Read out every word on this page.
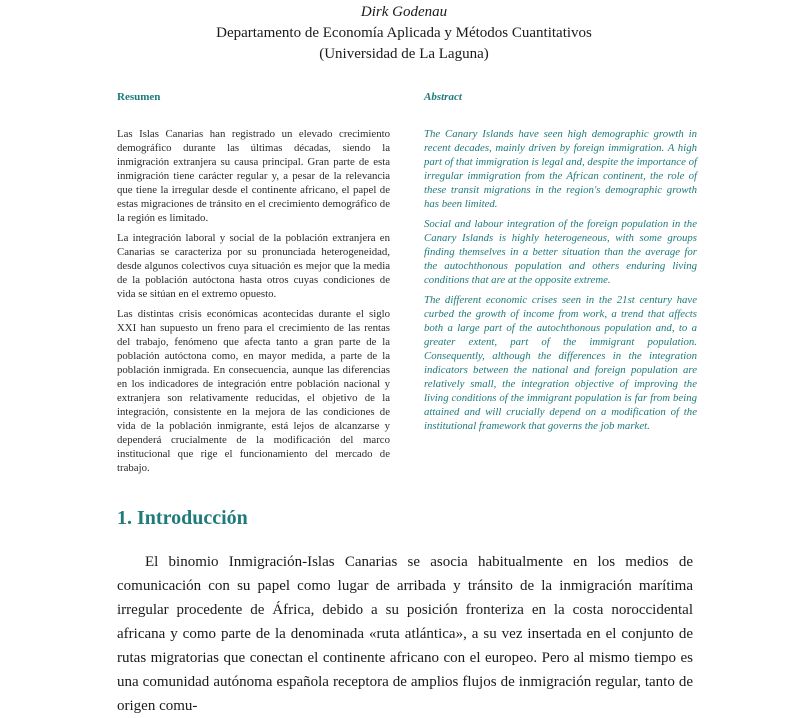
Dirk Godenau
Departamento de Economía Aplicada y Métodos Cuantitativos
(Universidad de La Laguna)
Resumen	Abstract

Las Islas Canarias han registrado un elevado crecimiento demográfico durante las últimas décadas, siendo la inmigración extranjera su causa principal. Gran parte de esta inmigración tiene carácter regular y, a pesar de la relevancia que tiene la irregular desde el continente africano, el papel de estas migraciones de tránsito en el crecimiento demográfico de la región es limitado.

La integración laboral y social de la población extranjera en Canarias se caracteriza por su pronunciada heterogeneidad, desde algunos colectivos cuya situación es mejor que la media de la población autóctona hasta otros cuyas condiciones de vida se sitúan en el extremo opuesto.

Las distintas crisis económicas acontecidas durante el siglo XXI han supuesto un freno para el crecimiento de las rentas del trabajo, fenómeno que afecta tanto a gran parte de la población autóctona como, en mayor medida, a parte de la población inmigrada. En consecuencia, aunque las diferencias en los indicadores de integración entre población nacional y extranjera son relativamente reducidas, el objetivo de la integración, consistente en la mejora de las condiciones de vida de la población inmigrante, está lejos de alcanzarse y dependerá crucialmente de la modificación del marco institucional que rige el funcionamiento del mercado de trabajo.

The Canary Islands have seen high demographic growth in recent decades, mainly driven by foreign immigration. A high part of that immigration is legal and, despite the importance of irregular immigration from the African continent, the role of these transit migrations in the region's demographic growth has been limited.

Social and labour integration of the foreign population in the Canary Islands is highly heterogeneous, with some groups finding themselves in a better situation than the average for the autochthonous population and others enduring living conditions that are at the opposite extreme.

The different economic crises seen in the 21st century have curbed the growth of income from work, a trend that affects both a large part of the autochthonous population and, to a greater extent, part of the immigrant population. Consequently, although the differences in the integration indicators between the national and foreign population are relatively small, the integration objective of improving the living conditions of the immigrant population is far from being attained and will crucially depend on a modification of the institutional framework that governs the job market.

1. Introducción

El binomio Inmigración-Islas Canarias se asocia habitualmente en los medios de comunicación con su papel como lugar de arribada y tránsito de la inmigración marítima irregular procedente de África, debido a su posición fronteriza en la costa noroccidental africana y como parte de la denominada «ruta atlántica», a su vez insertada en el conjunto de rutas migratorias que conectan el continente africano con el europeo. Pero al mismo tiempo es una comunidad autónoma española receptora de amplios flujos de inmigración regular, tanto de origen comu-
